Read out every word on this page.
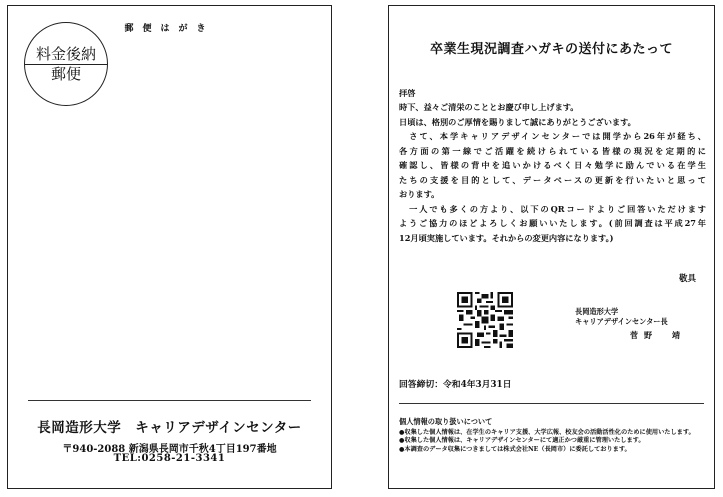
郵便はがき
料金後納
郵便
長岡造形大学　キャリアデザインセンター
〒940-2088 新潟県長岡市千秋4丁目197番地
TEL:0258-21-3341
卒業生現況調査ハガキの送付にあたって
拝啓

時下、益々ご清栄のこととお慶び申し上げます。

日頃は、格別のご厚情を賜りまして誠にありがとうございます。

　さて、本学キャリアデザインセンターでは開学から26年が経ち、

各方面の第一線でご活躍を続けられている皆様の現況を定期的に

確認し、皆様の背中を追いかけるべく日々勉学に励んでいる在学生

たちの支援を目的として、データベースの更新を行いたいと思って

おります。

　一人でも多くの方より、以下のQRコードよりご回答いただけます

ようご協力のほどよろしくお願いいたします。(前回調査は平成27年

12月頃実施しています。それからの変更内容になります。)

敬具
長岡造形大学
キャリアデザインセンター長
菅野　靖
回答締切：令和4年3月31日
個人情報の取り扱いについて

●収集した個人情報は、在学生のキャリア支援、大学広報、校友会の活動活性化のために使用いたします。

●収集した個人情報は、キャリアデザインセンターにて適正かつ厳重に管理いたします。

●本調査のデータ収集につきましては株式会社NE（長岡市）に委託しております。
